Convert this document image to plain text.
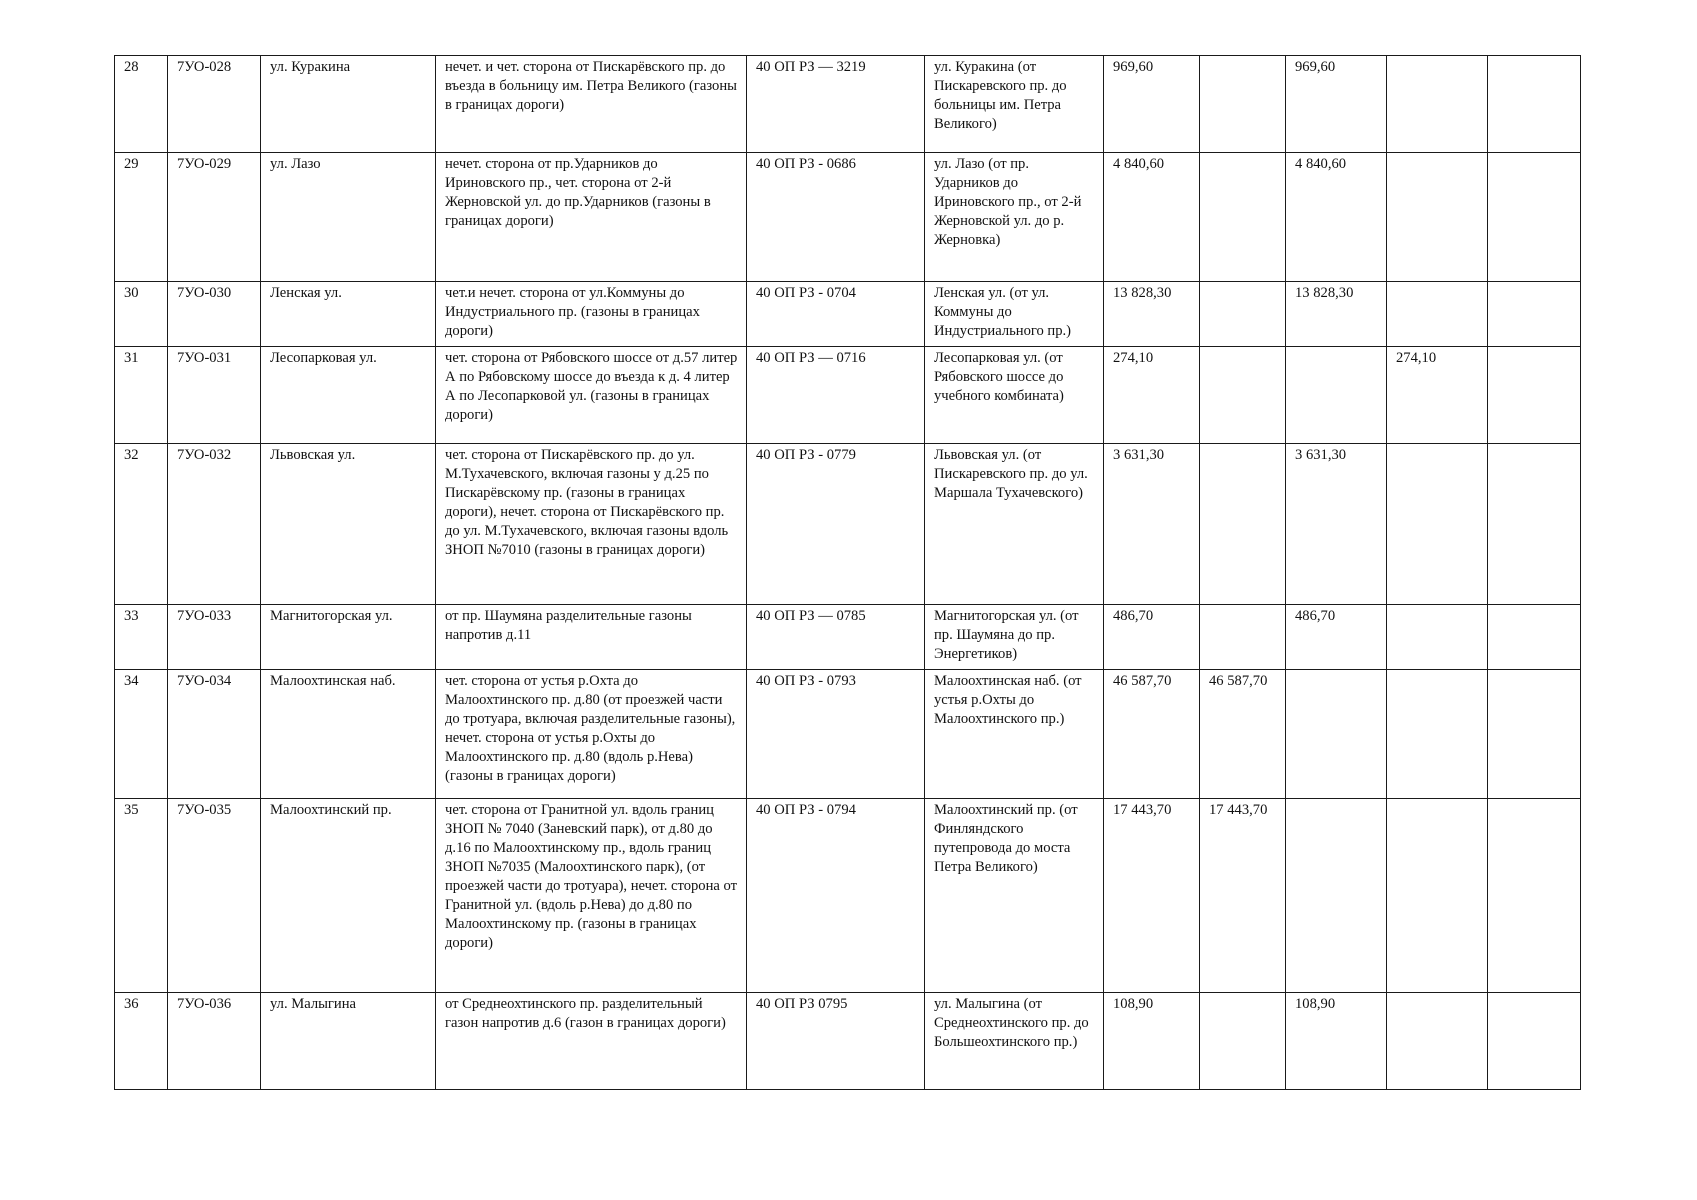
28	7УО-028	ул. Куракина	нечет. и чет. сторона от Пискарёвского пр. до въезда в больницу им. Петра Великого (газоны в границах дороги)	40 ОП РЗ — 3219	ул. Куракина (от Пискаревского пр. до больницы им. Петра Великого)	969,60		969,60		
29	7УО-029	ул. Лазо	нечет. сторона от пр.Ударников до Ириновского пр., чет. сторона от 2-й Жерновской ул. до пр.Ударников (газоны в границах дороги)	40 ОП РЗ - 0686	ул. Лазо (от пр. Ударников до Ириновского пр., от 2-й Жерновской ул. до р. Жерновка)	4 840,60		4 840,60		
30	7УО-030	Ленская ул.	чет.и нечет. сторона от ул.Коммуны до Индустриального пр. (газоны в границах дороги)	40 ОП РЗ - 0704	Ленская ул. (от ул. Коммуны до Индустриального пр.)	13 828,30		13 828,30		
31	7УО-031	Лесопарковая ул.	чет. сторона от Рябовского шоссе от д.57 литер А по Рябовскому шоссе до въезда к д. 4 литер А по Лесопарковой ул. (газоны в границах дороги)	40 ОП РЗ — 0716	Лесопарковая ул. (от Рябовского шоссе до учебного комбината)	274,10			274,10	
32	7УО-032	Львовская ул.	чет. сторона от Пискарёвского пр. до ул. М.Тухачевского, включая газоны у д.25 по Пискарёвскому пр. (газоны в границах дороги), нечет. сторона от Пискарёвского пр. до ул. М.Тухачевского, включая газоны вдоль ЗНОП №7010 (газоны в границах дороги)	40 ОП РЗ - 0779	Львовская ул. (от Пискаревского пр. до ул. Маршала Тухачевского)	3 631,30		3 631,30		
33	7УО-033	Магнитогорская ул.	от пр. Шаумяна разделительные газоны напротив д.11	40 ОП РЗ — 0785	Магнитогорская ул. (от пр. Шаумяна до пр. Энергетиков)	486,70		486,70		
34	7УО-034	Малоохтинская наб.	чет. сторона от устья р.Охта до Малоохтинского пр. д.80 (от проезжей части до тротуара, включая разделительные газоны), нечет. сторона от устья р.Охты до Малоохтинского пр. д.80 (вдоль р.Нева) (газоны в границах дороги)	40 ОП РЗ - 0793	Малоохтинская наб. (от устья р.Охты до Малоохтинского пр.)	46 587,70	46 587,70			
35	7УО-035	Малоохтинский пр.	чет. сторона от Гранитной ул. вдоль границ ЗНОП № 7040 (Заневский парк), от д.80 до д.16 по Малоохтинскому пр., вдоль границ ЗНОП №7035 (Малоохтинского парк), (от проезжей части до тротуара), нечет. сторона от Гранитной ул. (вдоль р.Нева) до д.80 по Малоохтинскому пр. (газоны в границах дороги)	40 ОП РЗ - 0794	Малоохтинский пр. (от Финляндского путепровода до моста Петра Великого)	17 443,70	17 443,70			
36	7УО-036	ул. Малыгина	от Среднеохтинского пр. разделительный газон напротив д.6 (газон в границах дороги)	40 ОП РЗ 0795	ул. Малыгина (от Среднеохтинского пр. до Большеохтинского пр.)	108,90		108,90		
